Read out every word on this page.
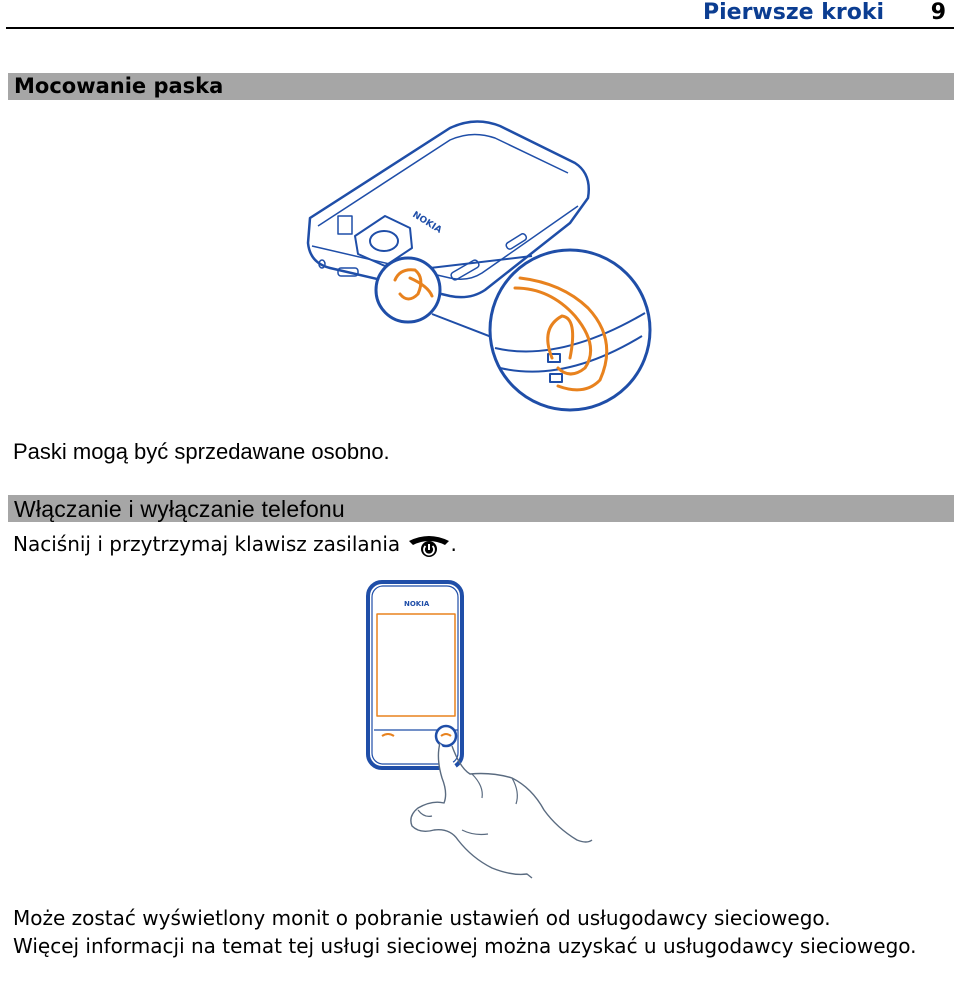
Pierwsze kroki 9
Mocowanie paska
NOKIA
Paski mogą być sprzedawane osobno.
Włączanie i wyłączanie telefonu
Naciśnij i przytrzymaj klawisz zasilania	.
NOKIA

Może zostać wyświetlony monit o pobranie ustawień od usługodawcy sieciowego.

Więcej informacji na temat tej usługi sieciowej można uzyskać u usługodawcy sieciowego.
